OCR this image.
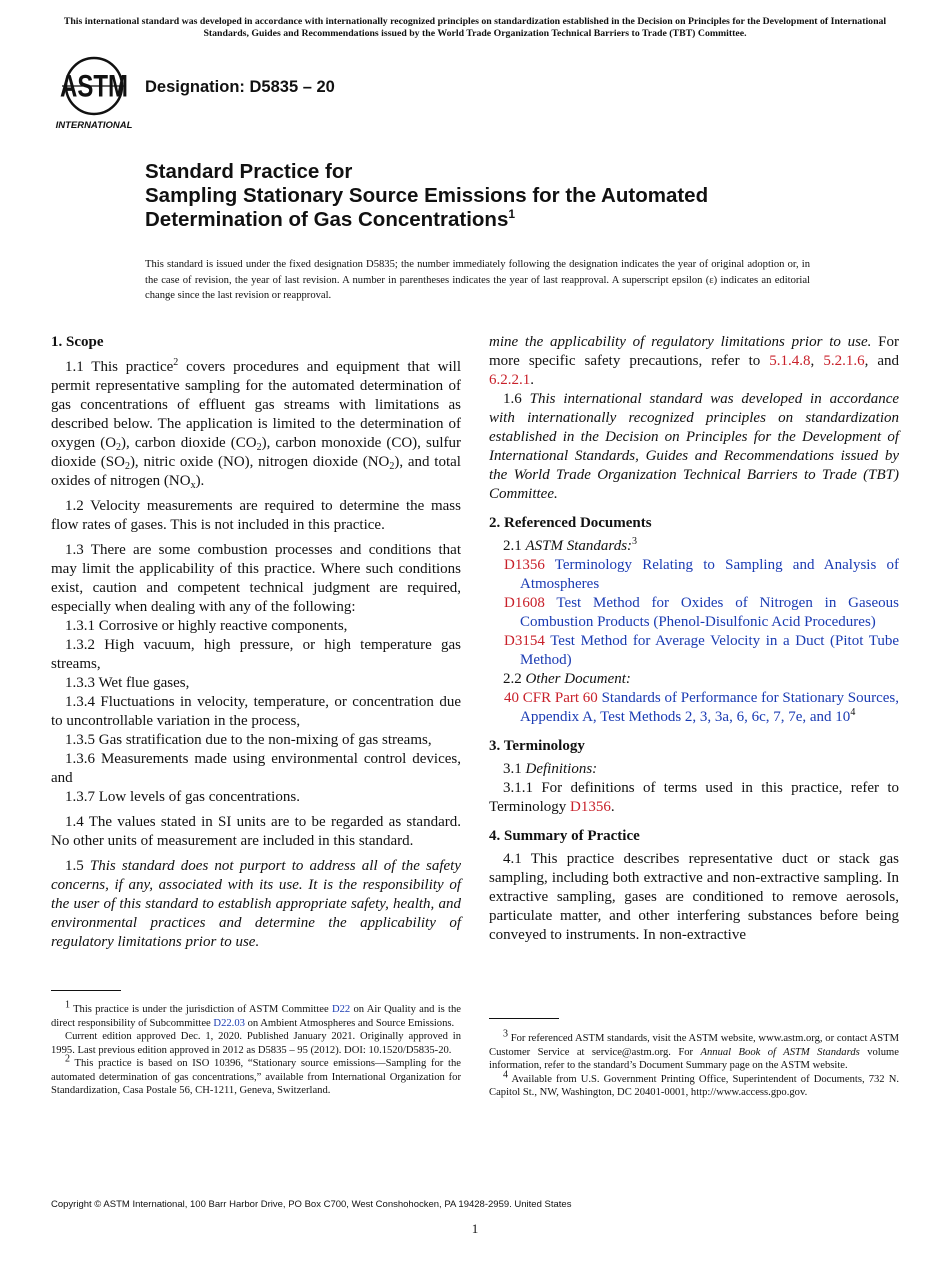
This international standard was developed in accordance with internationally recognized principles on standardization established in the Decision on Principles for the Development of International Standards, Guides and Recommendations issued by the World Trade Organization Technical Barriers to Trade (TBT) Committee.
ASTM
INTERNATIONAL
Designation: D5835 – 20
Standard Practice for
Sampling Stationary Source Emissions for the Automated
Determination of Gas Concentrations$^1$
This standard is issued under the fixed designation D5835; the number immediately following the designation indicates the year of original adoption or, in the case of revision, the year of last revision. A number in parentheses indicates the year of last reapproval. A superscript epsilon (ε) indicates an editorial change since the last revision or reapproval.
1. Scope

1.1 This practice$^2$ covers procedures and equipment that will permit representative sampling for the automated determination of gas concentrations of effluent gas streams with limitations as described below. The application is limited to the determination of oxygen $(O_2)$, carbon dioxide $(CO_2)$, carbon monoxide (CO), sulfur dioxide $(SO_2)$, nitric oxide (NO), nitrogen dioxide $(NO_2)$, and total oxides of nitrogen $(NO_x)$.

1.2 Velocity measurements are required to determine the mass flow rates of gases. This is not included in this practice.

1.3 There are some combustion processes and conditions that may limit the applicability of this practice. Where such conditions exist, caution and competent technical judgment are required, especially when dealing with any of the following:

1.3.1 Corrosive or highly reactive components,

1.3.2 High vacuum, high pressure, or high temperature gas streams,

1.3.3 Wet flue gases,

1.3.4 Fluctuations in velocity, temperature, or concentration due to uncontrollable variation in the process,

1.3.5 Gas stratification due to the non-mixing of gas streams,

1.3.6 Measurements made using environmental control devices, and

1.3.7 Low levels of gas concentrations.

1.4 The values stated in SI units are to be regarded as standard. No other units of measurement are included in this standard.

1.5 This standard does not purport to address all of the safety concerns, if any, associated with its use. It is the responsibility of the user of this standard to establish appropriate safety, health, and environmental practices and determine the applicability of regulatory limitations prior to use.

$^1$ This practice is under the jurisdiction of ASTM Committee D22 on Air Quality and is the direct responsibility of Subcommittee D22.03 on Ambient Atmospheres and Source Emissions.

Current edition approved Dec. 1, 2020. Published January 2021. Originally approved in 1995. Last previous edition approved in 2012 as D5835 – 95 (2012). DOI: 10.1520/D5835-20.

$^2$ This practice is based on ISO 10396, “Stationary source emissions—Sampling for the automated determination of gas concentrations,” available from International Organization for Standardization, Casa Postale 56, CH-1211, Geneva, Switzerland.

mine the applicability of regulatory limitations prior to use. For more specific safety precautions, refer to 5.1.4.8, 5.2.1.6, and 6.2.2.1.

1.6 This international standard was developed in accordance with internationally recognized principles on standardization established in the Decision on Principles for the Development of International Standards, Guides and Recommendations issued by the World Trade Organization Technical Barriers to Trade (TBT) Committee.

2. Referenced Documents

2.1 ASTM Standards:$^3$

D1356 Terminology Relating to Sampling and Analysis of Atmospheres

D1608 Test Method for Oxides of Nitrogen in Gaseous Combustion Products (Phenol-Disulfonic Acid Procedures)

D3154 Test Method for Average Velocity in a Duct (Pitot Tube Method)

2.2 Other Document:

40 CFR Part 60 Standards of Performance for Stationary Sources, Appendix A, Test Methods 2, 3, 3a, 6, 6c, 7, 7e, and $10^4$

3. Terminology

3.1 Definitions:

3.1.1 For definitions of terms used in this practice, refer to Terminology D1356.

4. Summary of Practice

4.1 This practice describes representative duct or stack gas sampling, including both extractive and non-extractive sampling. In extractive sampling, gases are conditioned to remove aerosols, particulate matter, and other interfering substances before being conveyed to instruments. In non-extractive

$^3$ For referenced ASTM standards, visit the ASTM website, www.astm.org, or contact ASTM Customer Service at service@astm.org. For Annual Book of ASTM Standards volume information, refer to the standard’s Document Summary page on the ASTM website.

$^4$ Available from U.S. Government Printing Office, Superintendent of Documents, 732 N. Capitol St., NW, Washington, DC 20401-0001, http://www.access.gpo.gov.

Copyright © ASTM International, 100 Barr Harbor Drive, PO Box C700, West Conshohocken, PA 19428-2959. United States
1
